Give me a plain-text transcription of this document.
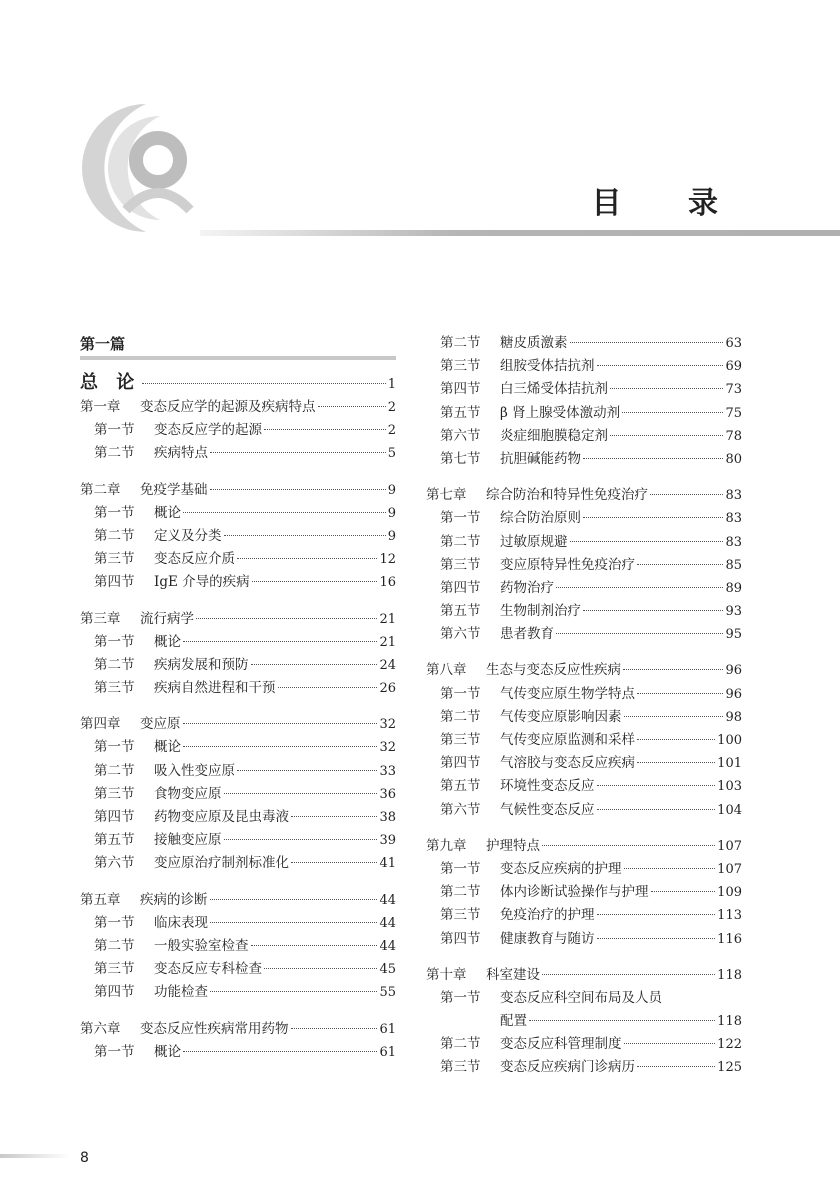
目 录
第一篇
总 论	1
第一章	变态反应学的起源及疾病特点	2
第一节	变态反应学的起源	2
第二节	疾病特点	5
第二章	免疫学基础	9
第一节	概论	9
第二节	定义及分类	9
第三节	变态反应介质	12
第四节	IgE 介导的疾病	16
第三章	流行病学	21
第一节	概论	21
第二节	疾病发展和预防	24
第三节	疾病自然进程和干预	26
第四章	变应原	32
第一节	概论	32
第二节	吸入性变应原	33
第三节	食物变应原	36
第四节	药物变应原及昆虫毒液	38
第五节	接触变应原	39
第六节	变应原治疗制剂标准化	41
第五章	疾病的诊断	44
第一节	临床表现	44
第二节	一般实验室检查	44
第三节	变态反应专科检查	45
第四节	功能检查	55
第六章	变态反应性疾病常用药物	61
第一节	概论	61
第二节	糖皮质激素	63
第三节	组胺受体拮抗剂	69
第四节	白三烯受体拮抗剂	73
第五节	β 肾上腺受体激动剂	75
第六节	炎症细胞膜稳定剂	78
第七节	抗胆碱能药物	80
第七章	综合防治和特异性免疫治疗	83
第一节	综合防治原则	83
第二节	过敏原规避	83
第三节	变应原特异性免疫治疗	85
第四节	药物治疗	89
第五节	生物制剂治疗	93
第六节	患者教育	95
第八章	生态与变态反应性疾病	96
第一节	气传变应原生物学特点	96
第二节	气传变应原影响因素	98
第三节	气传变应原监测和采样	100
第四节	气溶胶与变态反应疾病	101
第五节	环境性变态反应	103
第六节	气候性变态反应	104
第九章	护理特点	107
第一节	变态反应疾病的护理	107
第二节	体内诊断试验操作与护理	109
第三节	免疫治疗的护理	113
第四节	健康教育与随访	116
第十章	科室建设	118
第一节	变态反应科空间布局及人员
配置	118
第二节	变态反应科管理制度	122
第三节	变态反应疾病门诊病历	125
8
